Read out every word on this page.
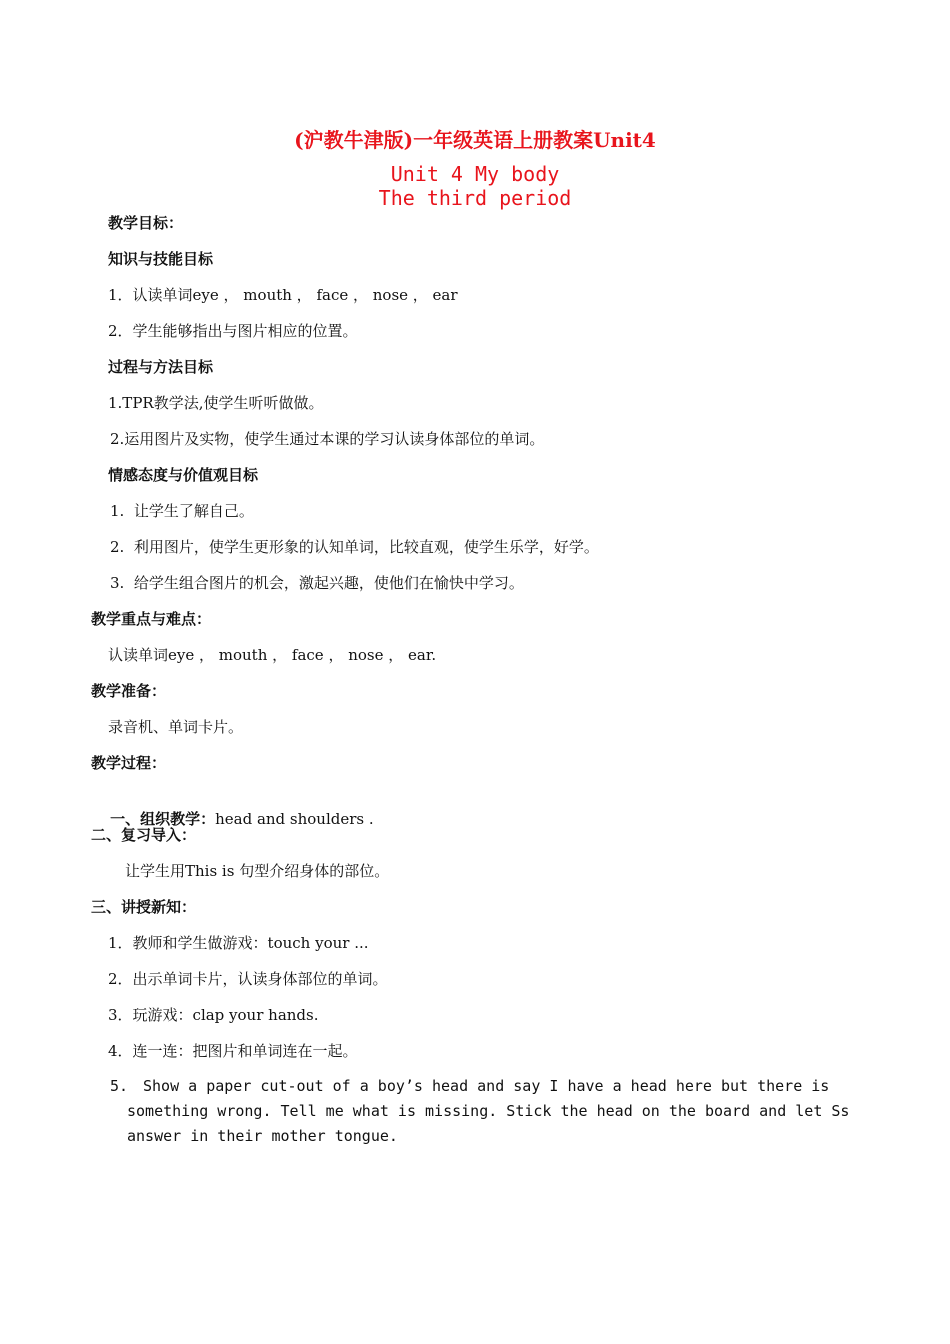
(沪教牛津版)一年级英语上册教案Unit4
Unit 4 My body
The third period
教学目标：
知识与技能目标
1．认读单词eye ， mouth ， face ， nose ， ear
2．学生能够指出与图片相应的位置。
过程与方法目标
1.TPR教学法,使学生听听做做。
2.运用图片及实物，使学生通过本课的学习认读身体部位的单词。
情感态度与价值观目标
1.  让学生了解自己。
2.  利用图片，使学生更形象的认知单词，比较直观，使学生乐学，好学。
3.  给学生组合图片的机会，激起兴趣，使他们在愉快中学习。
教学重点与难点：
认读单词eye ， mouth ， face ， nose ， ear.
教学准备：
录音机、单词卡片。
教学过程：

一、组织教学：head and shoulders .

二、复习导入：
让学生用This is 句型介绍身体的部位。
三、讲授新知：
1．教师和学生做游戏：touch your ...
2．出示单词卡片，认读身体部位的单词。
3．玩游戏：clap your hands.
4．连一连：把图片和单词连在一起。
5. Show a paper cut-out of a boy’s head and say I have a head here but there is something wrong. Tell me what is missing. Stick the head on the board and let Ss answer in their mother tongue.
